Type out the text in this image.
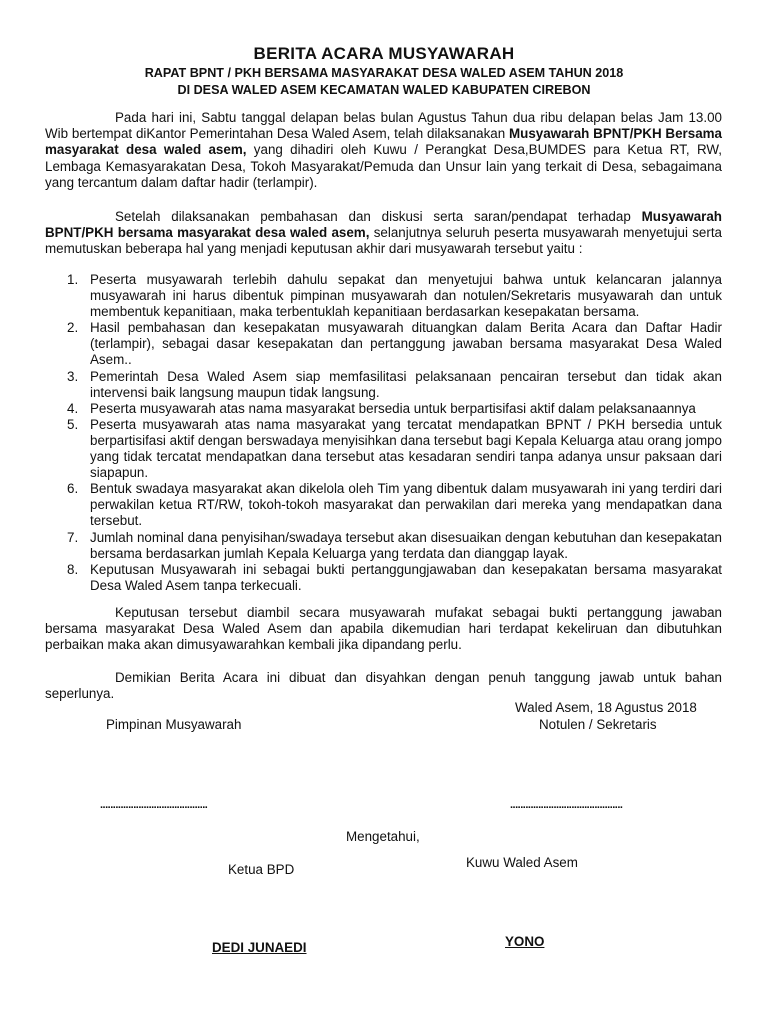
BERITA ACARA MUSYAWARAH
RAPAT BPNT / PKH BERSAMA MASYARAKAT DESA WALED ASEM TAHUN 2018
DI DESA WALED ASEM KECAMATAN WALED KABUPATEN CIREBON

Pada hari ini, Sabtu tanggal delapan belas bulan Agustus Tahun dua ribu delapan belas Jam 13.00 Wib bertempat diKantor Pemerintahan Desa Waled Asem, telah dilaksanakan Musyawarah BPNT/PKH Bersama masyarakat desa waled asem, yang dihadiri oleh Kuwu / Perangkat Desa,BUMDES para Ketua RT, RW, Lembaga Kemasyarakatan Desa, Tokoh Masyarakat/Pemuda dan Unsur lain yang terkait di Desa, sebagaimana yang tercantum dalam daftar hadir (terlampir).

Setelah dilaksanakan pembahasan dan diskusi serta saran/pendapat terhadap Musyawarah BPNT/PKH bersama masyarakat desa waled asem, selanjutnya seluruh peserta musyawarah menyetujui serta memutuskan beberapa hal yang menjadi keputusan akhir dari musyawarah tersebut yaitu :

1. Peserta musyawarah terlebih dahulu sepakat dan menyetujui bahwa untuk kelancaran jalannya musyawarah ini harus dibentuk pimpinan musyawarah dan notulen/Sekretaris musyawarah dan untuk membentuk kepanitiaan, maka terbentuklah kepanitiaan berdasarkan kesepakatan bersama.
2. Hasil pembahasan dan kesepakatan musyawarah dituangkan dalam Berita Acara dan Daftar Hadir (terlampir), sebagai dasar kesepakatan dan pertanggung jawaban bersama masyarakat Desa Waled Asem..
3. Pemerintah Desa Waled Asem siap memfasilitasi pelaksanaan pencairan tersebut dan tidak akan intervensi baik langsung maupun tidak langsung.
4. Peserta musyawarah atas nama masyarakat bersedia untuk berpartisifasi aktif dalam pelaksanaannya
5. Peserta musyawarah atas nama masyarakat yang tercatat mendapatkan BPNT / PKH bersedia untuk berpartisifasi aktif dengan berswadaya menyisihkan dana tersebut bagi Kepala Keluarga atau orang jompo yang tidak tercatat mendapatkan dana tersebut atas kesadaran sendiri tanpa adanya unsur paksaan dari siapapun.
6. Bentuk swadaya masyarakat akan dikelola oleh Tim yang dibentuk dalam musyawarah ini yang terdiri dari perwakilan ketua RT/RW, tokoh-tokoh masyarakat dan perwakilan dari mereka yang mendapatkan dana tersebut.
7. Jumlah nominal dana penyisihan/swadaya tersebut akan disesuaikan dengan kebutuhan dan kesepakatan bersama berdasarkan jumlah Kepala Keluarga yang terdata dan dianggap layak.
8. Keputusan Musyawarah ini sebagai bukti pertanggungjawaban dan kesepakatan bersama masyarakat Desa Waled Asem tanpa terkecuali.

Keputusan tersebut diambil secara musyawarah mufakat sebagai bukti pertanggung jawaban bersama masyarakat Desa Waled Asem dan apabila dikemudian hari terdapat kekeliruan dan dibutuhkan perbaikan maka akan dimusyawarahkan kembali jika dipandang perlu.

Demikian Berita Acara ini dibuat dan disyahkan dengan penuh tanggung jawab untuk bahan seperlunya.

Waled Asem, 18 Agustus 2018
Pimpinan Musyawarah	Notulen / Sekretaris
..........................................	............................................
Mengetahui,
Ketua BPD	Kuwu Waled Asem
DEDI JUNAEDI	YONO
